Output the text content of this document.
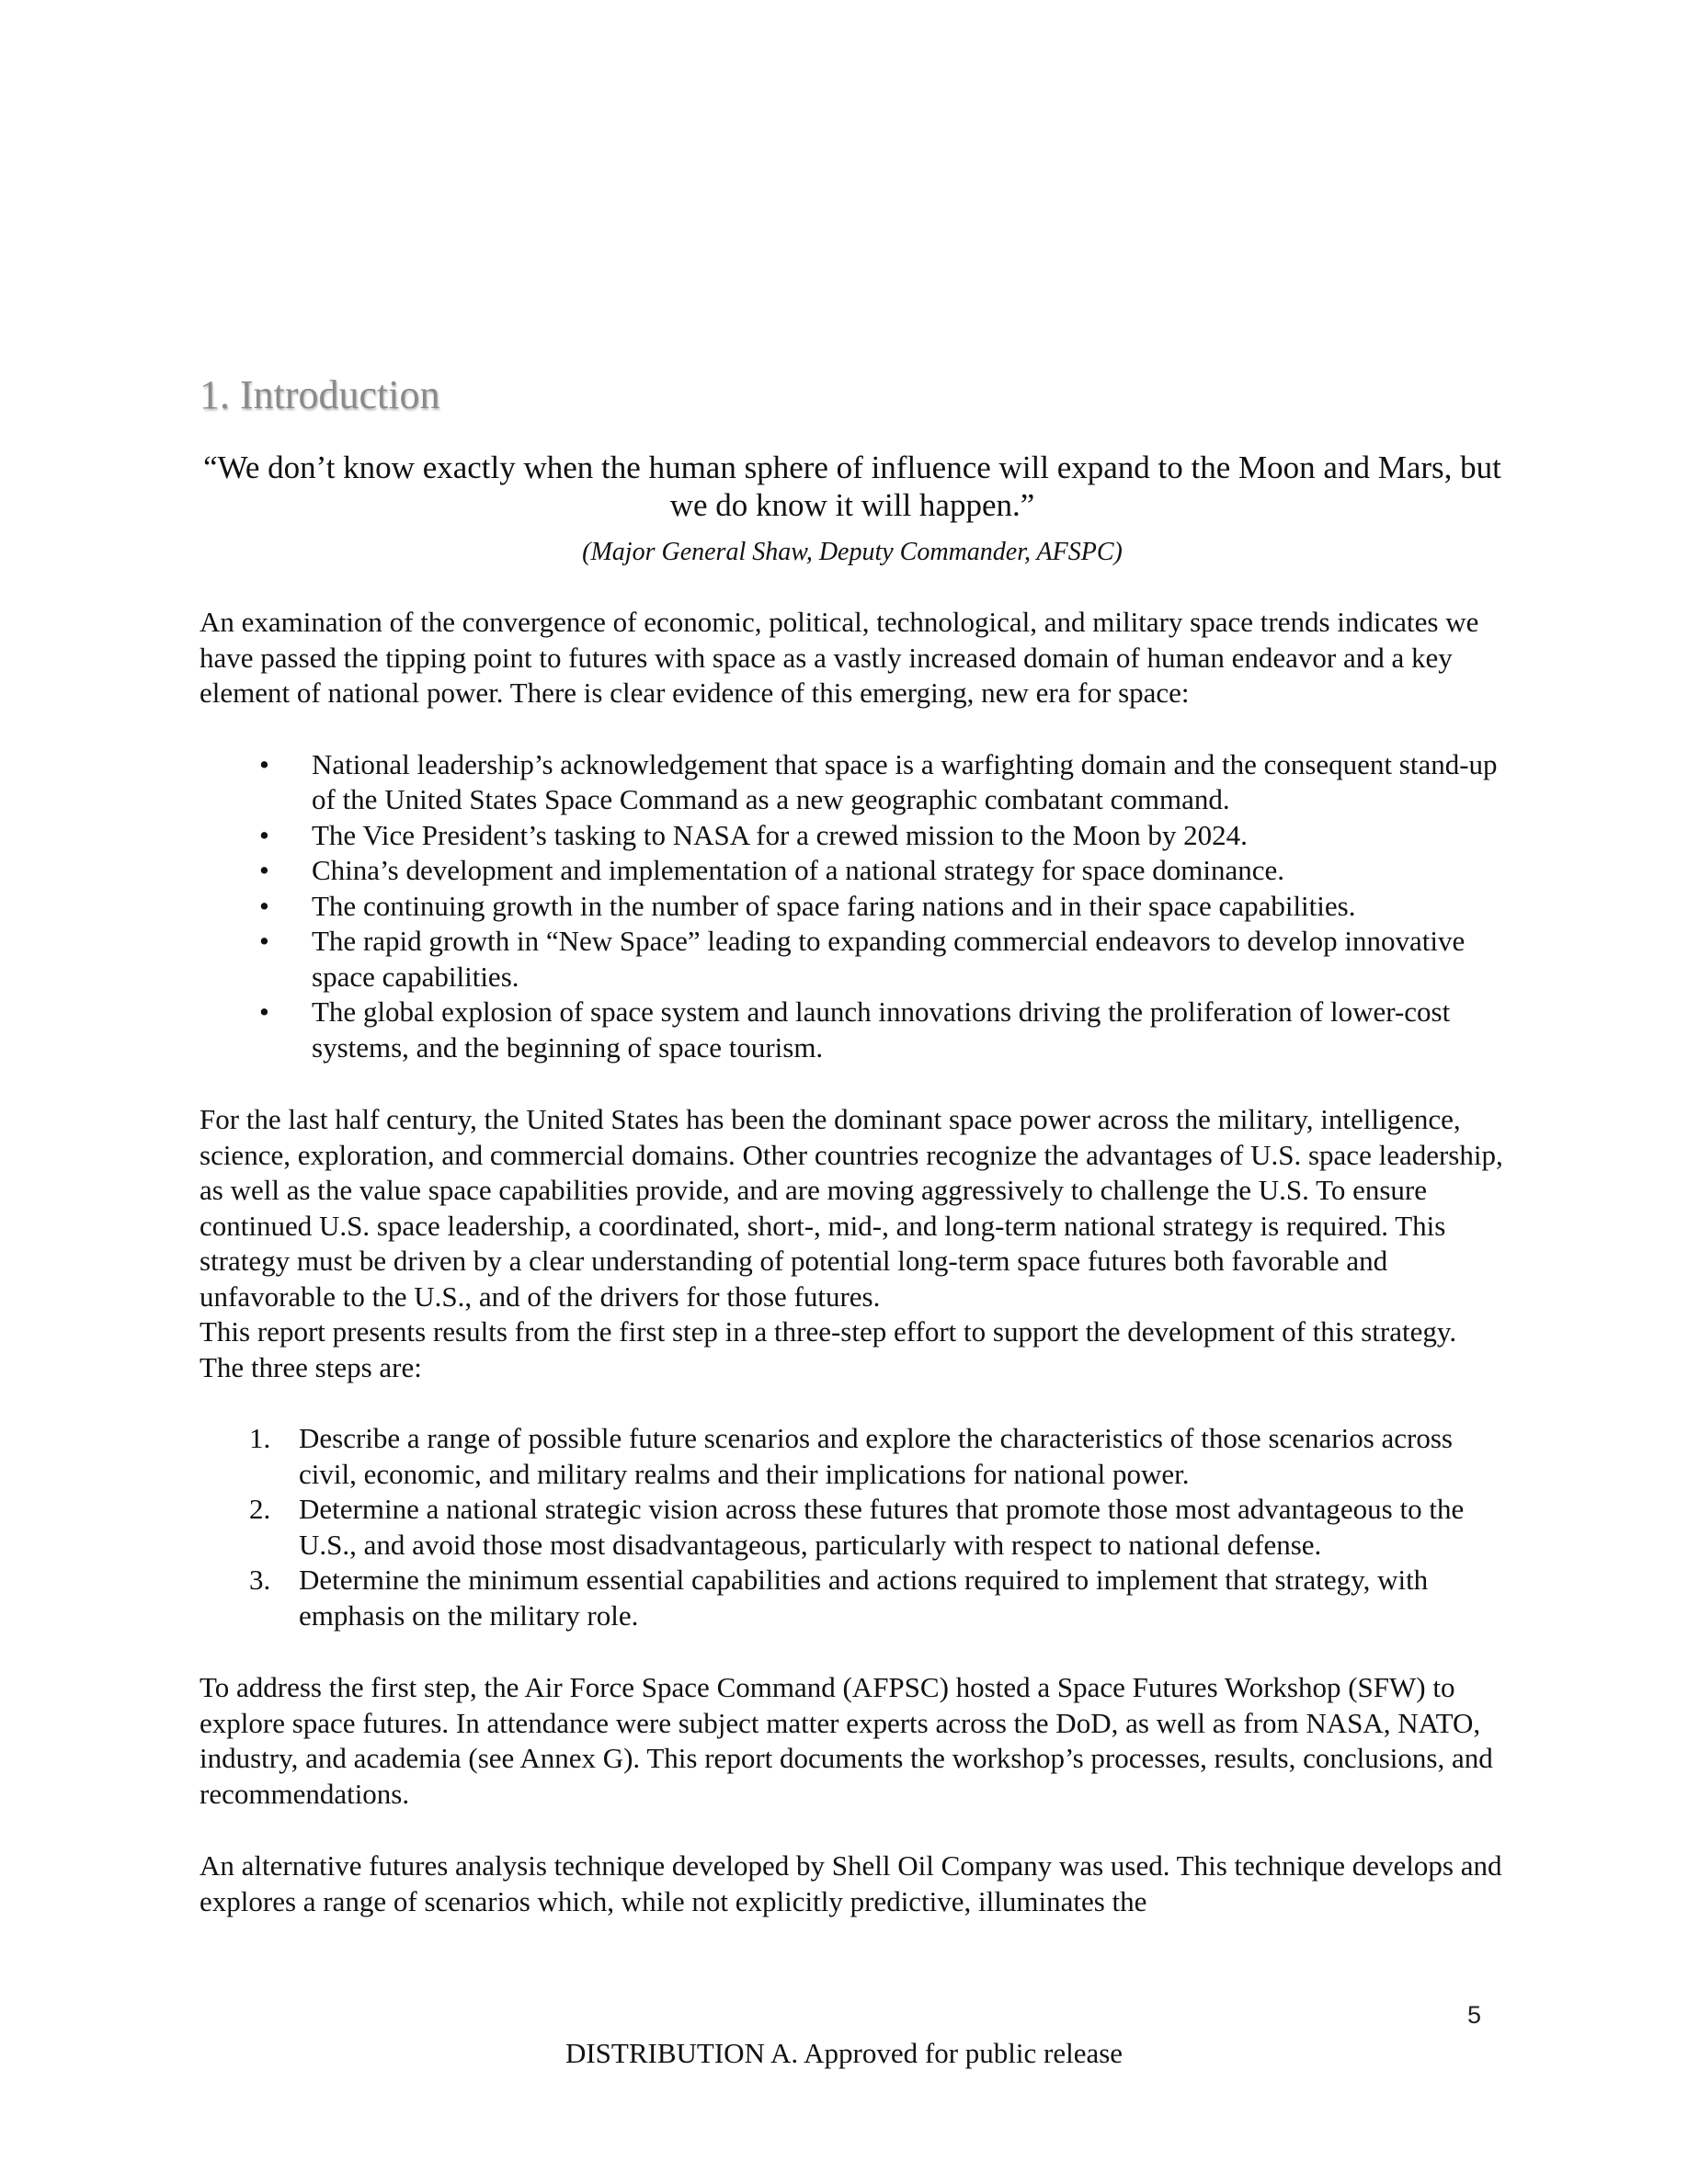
1. Introduction

“We don’t know exactly when the human sphere of influence will expand to the Moon and Mars, but we do know it will happen.”

(Major General Shaw, Deputy Commander, AFSPC)

An examination of the convergence of economic, political, technological, and military space trends indicates we have passed the tipping point to futures with space as a vastly increased domain of human endeavor and a key element of national power. There is clear evidence of this emerging, new era for space:

• National leadership’s acknowledgement that space is a warfighting domain and the consequent stand-up of the United States Space Command as a new geographic combatant command.
• The Vice President’s tasking to NASA for a crewed mission to the Moon by 2024.
• China’s development and implementation of a national strategy for space dominance.
• The continuing growth in the number of space faring nations and in their space capabilities.
• The rapid growth in “New Space” leading to expanding commercial endeavors to develop innovative space capabilities.
• The global explosion of space system and launch innovations driving the proliferation of lower-cost systems, and the beginning of space tourism.

For the last half century, the United States has been the dominant space power across the military, intelligence, science, exploration, and commercial domains. Other countries recognize the advantages of U.S. space leadership, as well as the value space capabilities provide, and are moving aggressively to challenge the U.S. To ensure continued U.S. space leadership, a coordinated, short-, mid-, and long-term national strategy is required. This strategy must be driven by a clear understanding of potential long-term space futures both favorable and unfavorable to the U.S., and of the drivers for those futures.

This report presents results from the first step in a three-step effort to support the development of this strategy. The three steps are:

1. Describe a range of possible future scenarios and explore the characteristics of those scenarios across civil, economic, and military realms and their implications for national power.
2. Determine a national strategic vision across these futures that promote those most advantageous to the U.S., and avoid those most disadvantageous, particularly with respect to national defense.
3. Determine the minimum essential capabilities and actions required to implement that strategy, with emphasis on the military role.

To address the first step, the Air Force Space Command (AFPSC) hosted a Space Futures Workshop (SFW) to explore space futures. In attendance were subject matter experts across the DoD, as well as from NASA, NATO, industry, and academia (see Annex G). This report documents the workshop’s processes, results, conclusions, and recommendations.

An alternative futures analysis technique developed by Shell Oil Company was used. This technique develops and explores a range of scenarios which, while not explicitly predictive, illuminates the

5
DISTRIBUTION A. Approved for public release
